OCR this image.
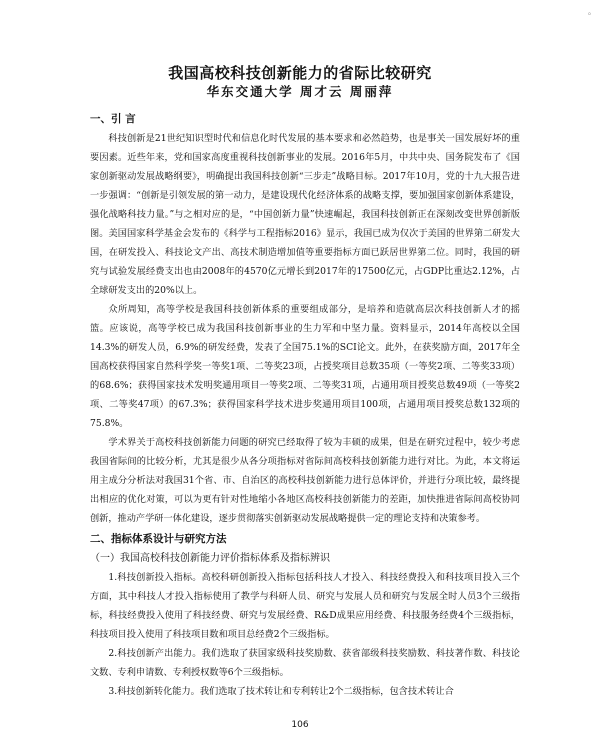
。
我国高校科技创新能力的省际比较研究
华东交通大学 周才云 周丽萍
一、引 言

科技创新是21世纪知识型时代和信息化时代发展的基本要求和必然趋势，也是事关一国发展好坏的重要因素。近些年来，党和国家高度重视科技创新事业的发展。2016年5月，中共中央、国务院发布了《国家创新驱动发展战略纲要》，明确提出我国科技创新“三步走”战略目标。2017年10月，党的十九大报告进一步强调：“创新是引领发展的第一动力，是建设现代化经济体系的战略支撑，要加强国家创新体系建设，强化战略科技力量。”与之相对应的是，“中国创新力量”快速崛起，我国科技创新正在深刻改变世界创新版图。美国国家科学基金会发布的《科学与工程指标2016》显示，我国已成为仅次于美国的世界第二研发大国，在研发投入、科技论文产出、高技术制造增加值等重要指标方面已跃居世界第二位。同时，我国的研究与试验发展经费支出也由2008年的4570亿元增长到2017年的17500亿元，占GDP比重达2.12%，占全球研发支出的20%以上。

众所周知，高等学校是我国科技创新体系的重要组成部分，是培养和造就高层次科技创新人才的摇篮。应该说，高等学校已成为我国科技创新事业的生力军和中坚力量。资料显示，2014年高校以全国14.3%的研发人员，6.9%的研发经费，发表了全国75.1%的SCI论文。此外，在获奖励方面，2017年全国高校获得国家自然科学奖一等奖1项、二等奖23项，占授奖项目总数35项（一等奖2项、二等奖33项）的68.6%；获得国家技术发明奖通用项目一等奖2项、二等奖31项，占通用项目授奖总数49项（一等奖2项、二等奖47项）的67.3%；获得国家科学技术进步奖通用项目100项，占通用项目授奖总数132项的75.8%。

学术界关于高校科技创新能力问题的研究已经取得了较为丰硕的成果，但是在研究过程中，较少考虑我国省际间的比较分析，尤其是很少从各分项指标对省际间高校科技创新能力进行对比。为此，本文将运用主成分分析法对我国31个省、市、自治区的高校科技创新能力进行总体评价，并进行分项比较，最终提出相应的优化对策，可以为更有针对性地缩小各地区高校科技创新能力的差距，加快推进省际间高校协同创新，推动产学研一体化建设，逐步贯彻落实创新驱动发展战略提供一定的理论支持和决策参考。

二、指标体系设计与研究方法
（一）我国高校科技创新能力评价指标体系及指标辨识

1.科技创新投入指标。高校科研创新投入指标包括科技人才投入、科技经费投入和科技项目投入三个方面，其中科技人才投入指标使用了教学与科研人员、研究与发展人员和研究与发展全时人员3个三级指标，科技经费投入使用了科技经费、研究与发展经费、R&D成果应用经费、科技服务经费4个三级指标，科技项目投入使用了科技项目数和项目总经费2个三级指标。

2.科技创新产出能力。我们选取了获国家级科技奖励数、获省部级科技奖励数、科技著作数、科技论文数、专利申请数、专利授权数等6个三级指标。

3.科技创新转化能力。我们选取了技术转让和专利转让2个二级指标，包含技术转让合

106
